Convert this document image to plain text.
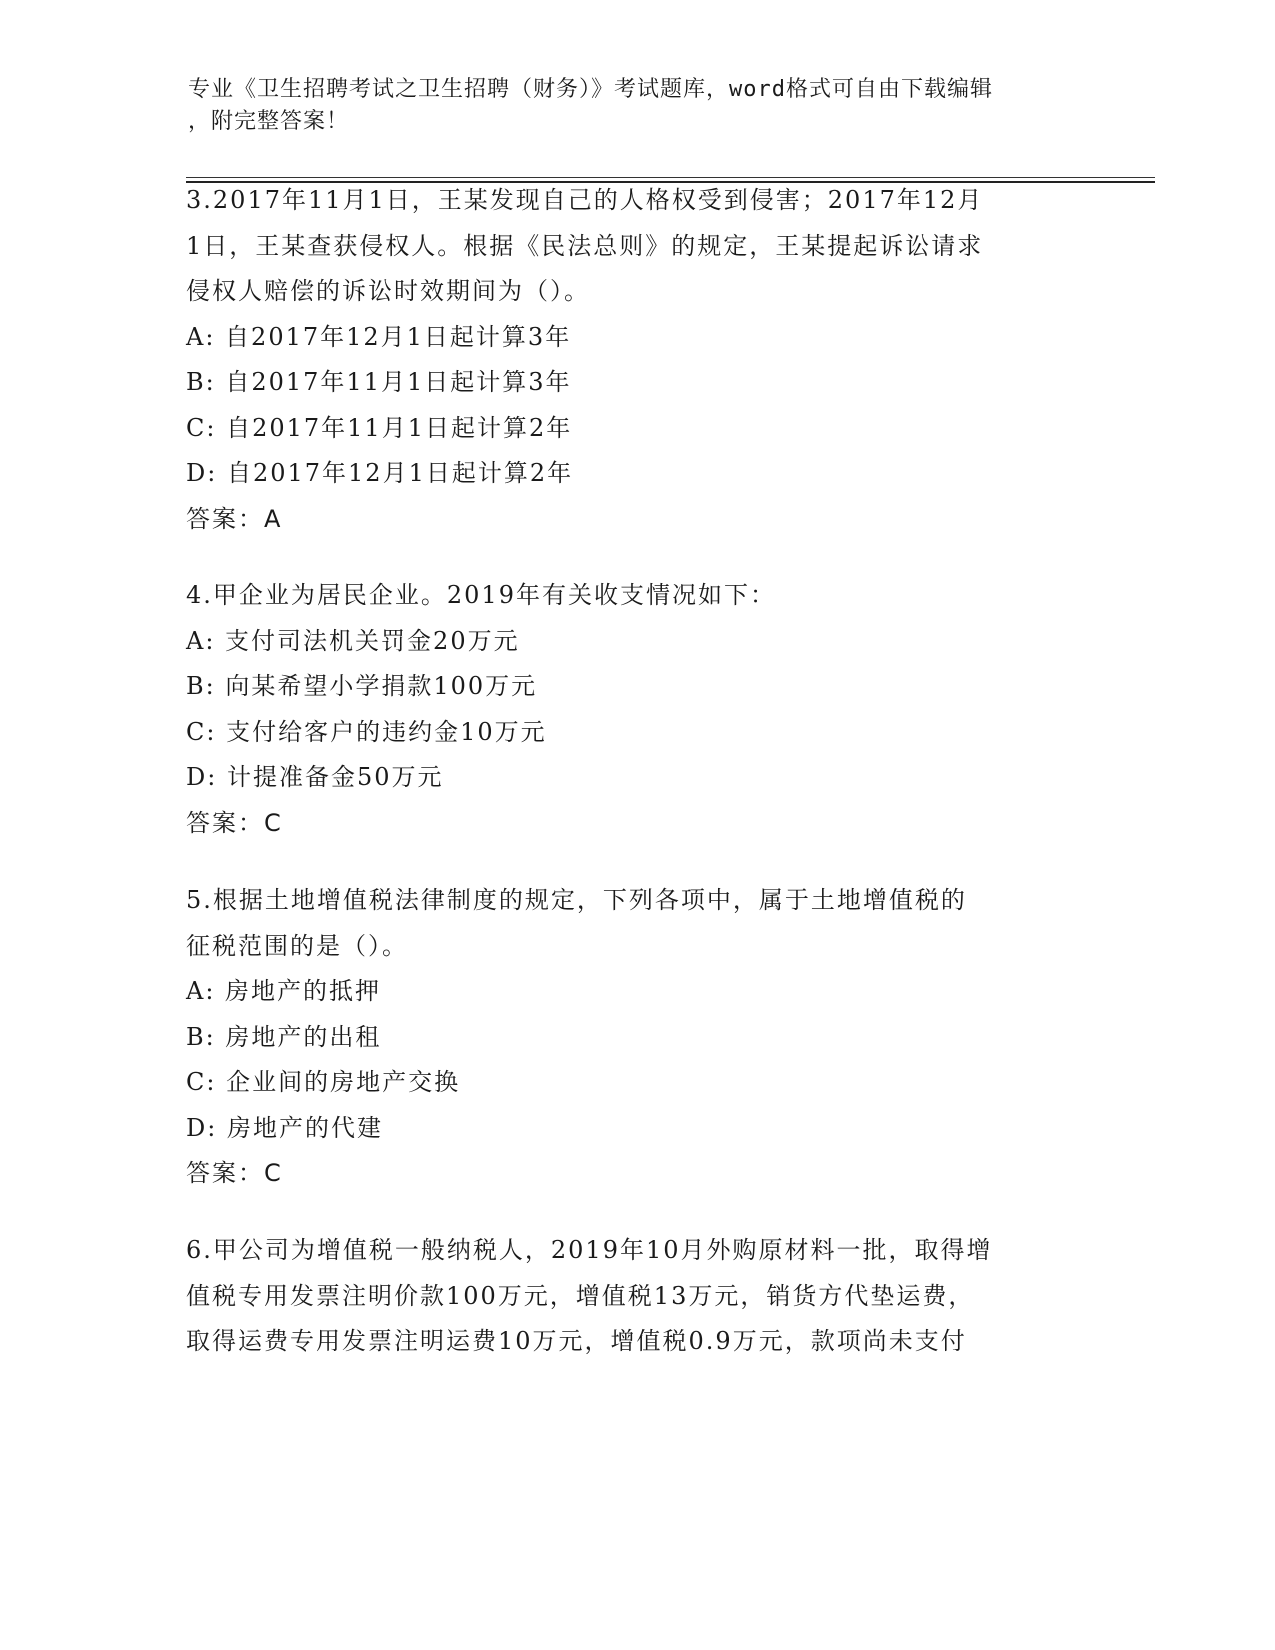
专业《卫生招聘考试之卫生招聘（财务）》考试题库，word格式可自由下载编辑
，附完整答案！

3.2017年11月1日，王某发现自己的人格权受到侵害；2017年12月

1日，王某查获侵权人。根据《民法总则》的规定，王某提起诉讼请求

侵权人赔偿的诉讼时效期间为（）。

A: 自2017年12月1日起计算3年

B: 自2017年11月1日起计算3年

C: 自2017年11月1日起计算2年

D: 自2017年12月1日起计算2年

答案：A

4.甲企业为居民企业。2019年有关收支情况如下：

A: 支付司法机关罚金20万元

B: 向某希望小学捐款100万元

C: 支付给客户的违约金10万元

D: 计提准备金50万元

答案：C

5.根据土地增值税法律制度的规定，下列各项中，属于土地增值税的

征税范围的是（）。

A: 房地产的抵押

B: 房地产的出租

C: 企业间的房地产交换

D: 房地产的代建

答案：C

6.甲公司为增值税一般纳税人，2019年10月外购原材料一批，取得增

值税专用发票注明价款100万元，增值税13万元，销货方代垫运费，

取得运费专用发票注明运费10万元，增值税0.9万元，款项尚未支付
